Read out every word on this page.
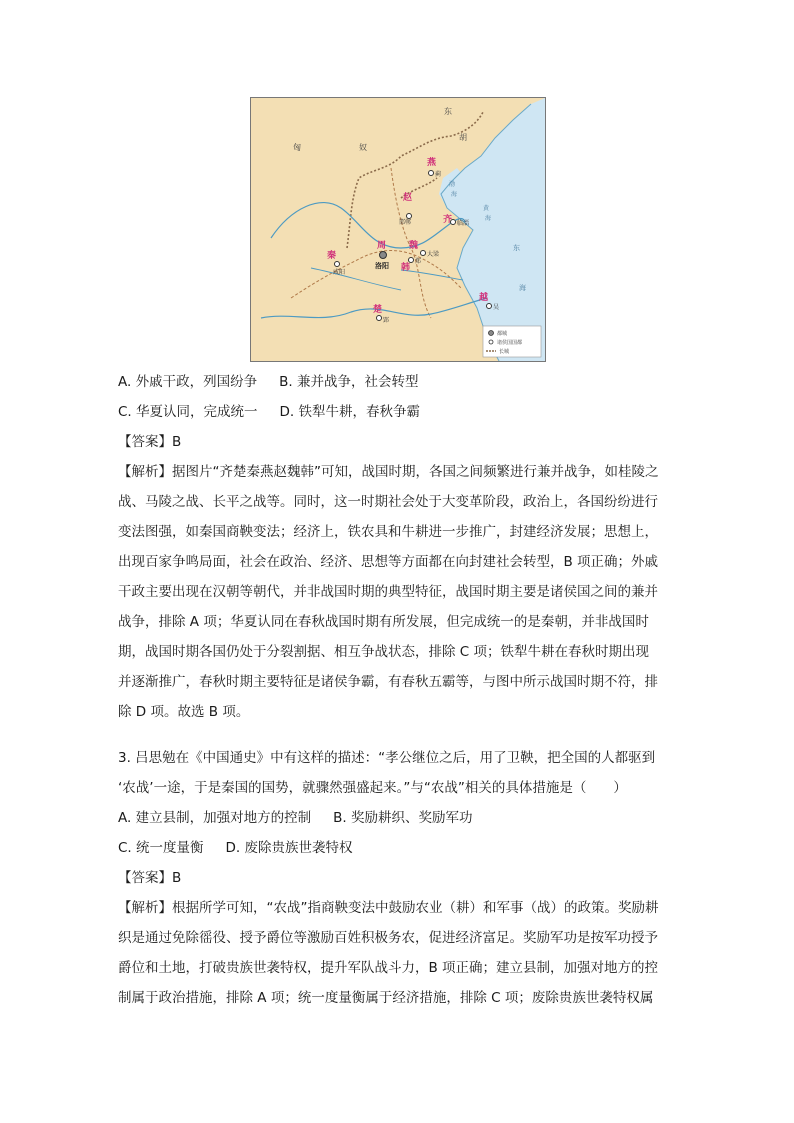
匈	奴
东
胡
燕
蓟
赵
邯郸	齐 临淄
魏
大梁
周
洛阳 韩
郑
秦
咸阳
楚
郢
越
吴
渤
海
黄
海
东
海
都城
诸侯国国都
长城
A. 外戚干政，列国纷争 B. 兼并战争，社会转型
C. 华夏认同，完成统一 D. 铁犁牛耕，春秋争霸
【答案】B
【解析】据图片“齐楚秦燕赵魏韩”可知，战国时期，各国之间频繁进行兼并战争，如桂陵之
战、马陵之战、长平之战等。同时，这一时期社会处于大变革阶段，政治上，各国纷纷进行
变法图强，如秦国商鞅变法；经济上，铁农具和牛耕进一步推广，封建经济发展；思想上，
出现百家争鸣局面，社会在政治、经济、思想等方面都在向封建社会转型，B 项正确；外戚
干政主要出现在汉朝等朝代，并非战国时期的典型特征，战国时期主要是诸侯国之间的兼并
战争，排除 A 项；华夏认同在春秋战国时期有所发展，但完成统一的是秦朝，并非战国时
期，战国时期各国仍处于分裂割据、相互争战状态，排除 C 项；铁犁牛耕在春秋时期出现
并逐渐推广，春秋时期主要特征是诸侯争霸，有春秋五霸等，与图中所示战国时期不符，排
除 D 项。故选 B 项。
3. 吕思勉在《中国通史》中有这样的描述：“孝公继位之后，用了卫鞅，把全国的人都驱到
‘农战’一途，于是秦国的国势，就骤然强盛起来。”与“农战”相关的具体措施是（　　）
A. 建立县制，加强对地方的控制 B. 奖励耕织、奖励军功
C. 统一度量衡 D. 废除贵族世袭特权
【答案】B
【解析】根据所学可知，“农战”指商鞅变法中鼓励农业（耕）和军事（战）的政策。奖励耕
织是通过免除徭役、授予爵位等激励百姓积极务农，促进经济富足。奖励军功是按军功授予
爵位和土地，打破贵族世袭特权，提升军队战斗力，B 项正确；建立县制，加强对地方的控
制属于政治措施，排除 A 项；统一度量衡属于经济措施，排除 C 项；废除贵族世袭特权属
